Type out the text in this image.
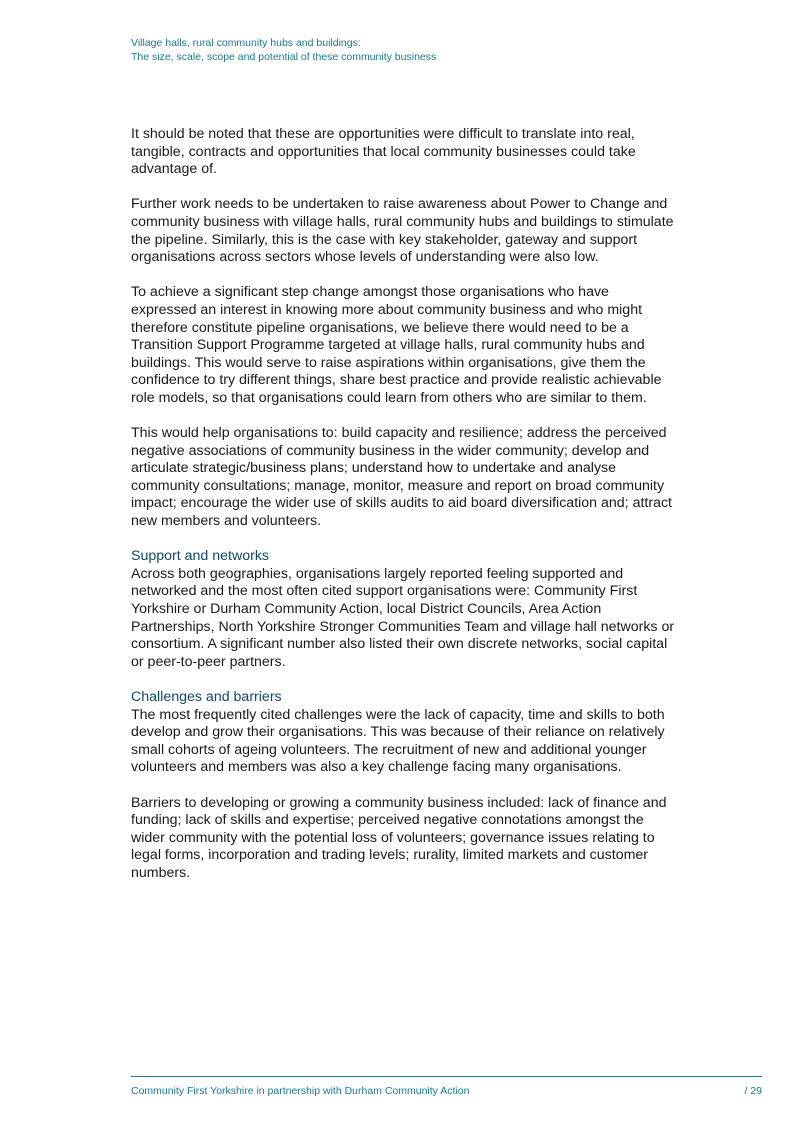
Village halls, rural community hubs and buildings:
The size, scale, scope and potential of these community business

It should be noted that these are opportunities were difficult to translate into real, tangible, contracts and opportunities that local community businesses could take advantage of.

Further work needs to be undertaken to raise awareness about Power to Change and community business with village halls, rural community hubs and buildings to stimulate the pipeline. Similarly, this is the case with key stakeholder, gateway and support organisations across sectors whose levels of understanding were also low.

To achieve a significant step change amongst those organisations who have expressed an interest in knowing more about community business and who might therefore constitute pipeline organisations, we believe there would need to be a Transition Support Programme targeted at village halls, rural community hubs and buildings. This would serve to raise aspirations within organisations, give them the confidence to try different things, share best practice and provide realistic achievable role models, so that organisations could learn from others who are similar to them.

This would help organisations to: build capacity and resilience; address the perceived negative associations of community business in the wider community; develop and articulate strategic/business plans; understand how to undertake and analyse community consultations; manage, monitor, measure and report on broad community impact; encourage the wider use of skills audits to aid board diversification and; attract new members and volunteers.

Support and networks

Across both geographies, organisations largely reported feeling supported and networked and the most often cited support organisations were: Community First Yorkshire or Durham Community Action, local District Councils, Area Action Partnerships, North Yorkshire Stronger Communities Team and village hall networks or consortium. A significant number also listed their own discrete networks, social capital or peer-to-peer partners.

Challenges and barriers

The most frequently cited challenges were the lack of capacity, time and skills to both develop and grow their organisations. This was because of their reliance on relatively small cohorts of ageing volunteers. The recruitment of new and additional younger volunteers and members was also a key challenge facing many organisations.

Barriers to developing or growing a community business included: lack of finance and funding; lack of skills and expertise; perceived negative connotations amongst the wider community with the potential loss of volunteers; governance issues relating to legal forms, incorporation and trading levels; rurality, limited markets and customer numbers.

Community First Yorkshire in partnership with Durham Community Action	/ 29
